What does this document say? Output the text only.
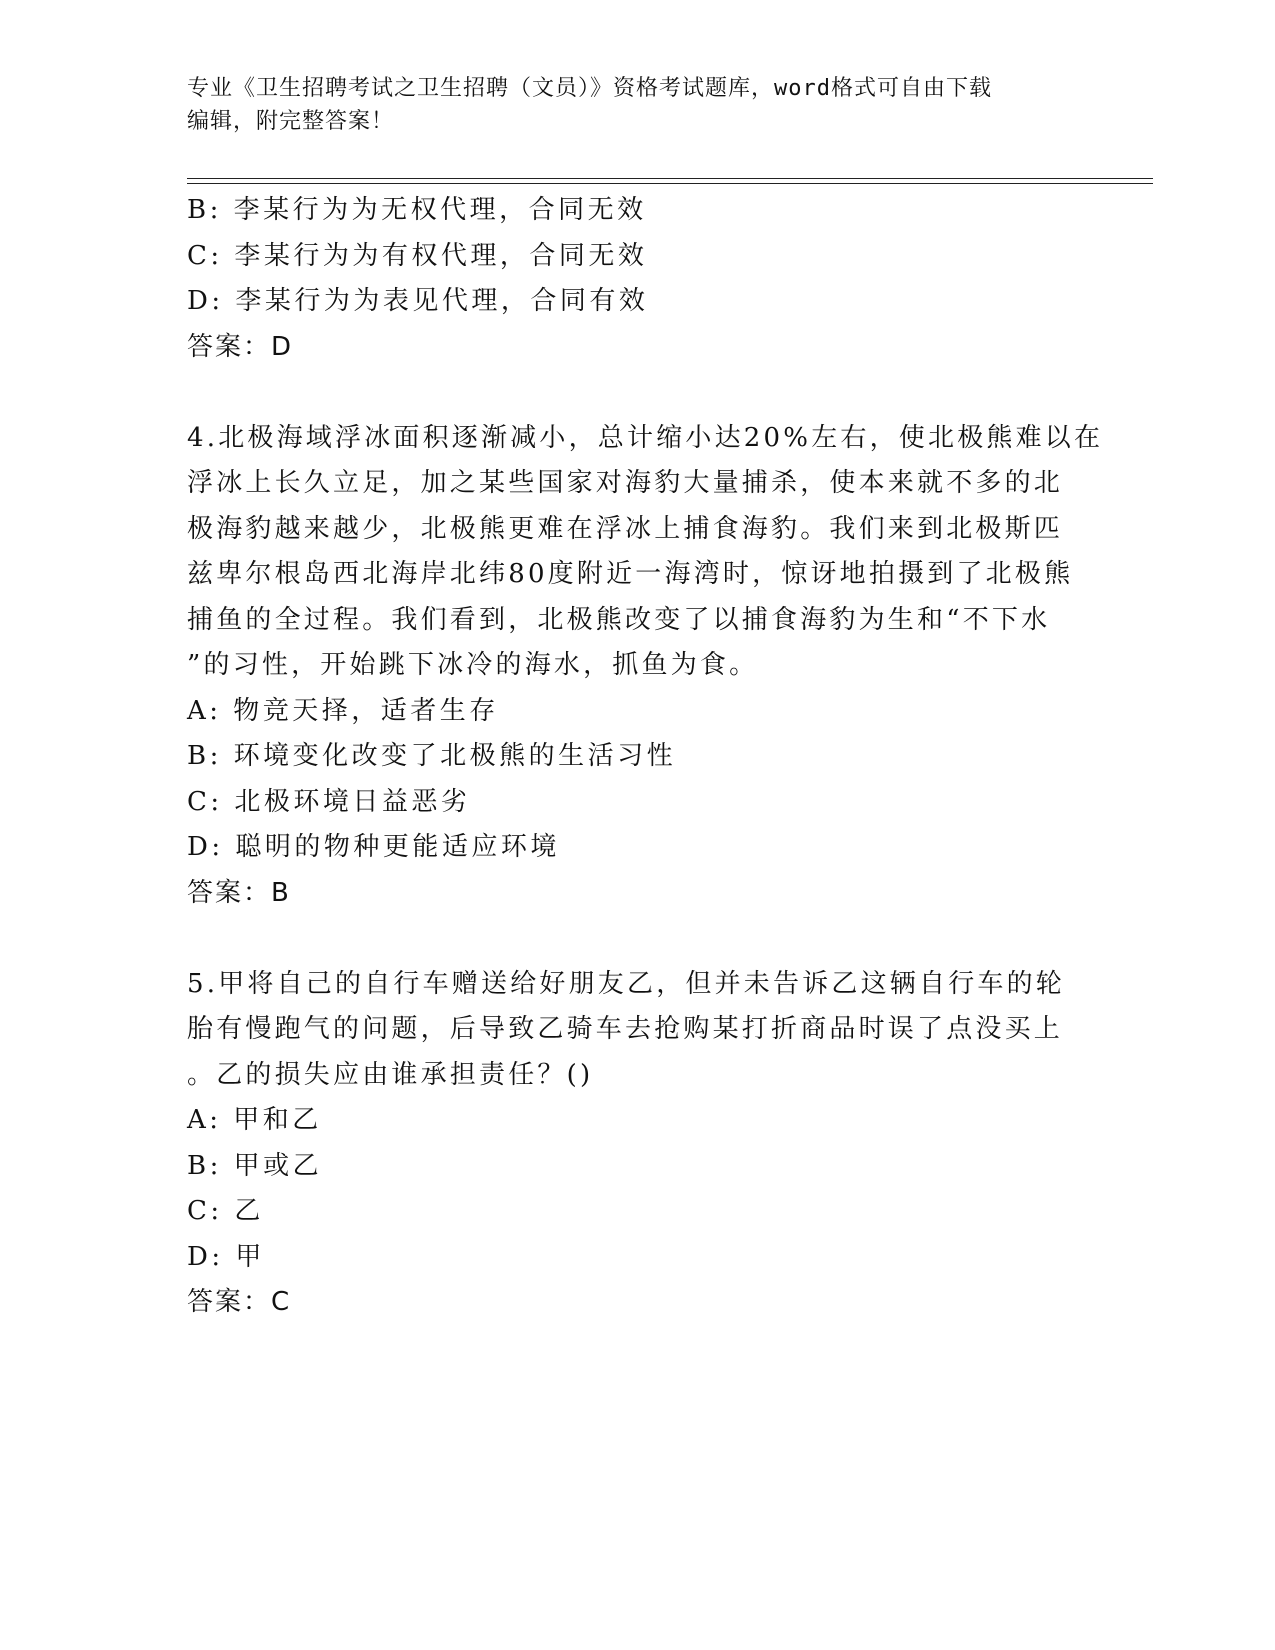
专业《卫生招聘考试之卫生招聘（文员）》资格考试题库，word格式可自由下载
编辑，附完整答案！
B: 李某行为为无权代理，合同无效
C: 李某行为为有权代理，合同无效
D: 李某行为为表见代理，合同有效
答案：D
4.北极海域浮冰面积逐渐减小，总计缩小达20%左右，使北极熊难以在
浮冰上长久立足，加之某些国家对海豹大量捕杀，使本来就不多的北
极海豹越来越少，北极熊更难在浮冰上捕食海豹。我们来到北极斯匹
兹卑尔根岛西北海岸北纬80度附近一海湾时，惊讶地拍摄到了北极熊
捕鱼的全过程。我们看到，北极熊改变了以捕食海豹为生和“不下水
”的习性，开始跳下冰冷的海水，抓鱼为食。
A: 物竞天择，适者生存
B: 环境变化改变了北极熊的生活习性
C: 北极环境日益恶劣
D: 聪明的物种更能适应环境
答案：B
5.甲将自己的自行车赠送给好朋友乙，但并未告诉乙这辆自行车的轮
胎有慢跑气的问题，后导致乙骑车去抢购某打折商品时误了点没买上
。乙的损失应由谁承担责任？()
A: 甲和乙
B: 甲或乙
C: 乙
D: 甲
答案：C
